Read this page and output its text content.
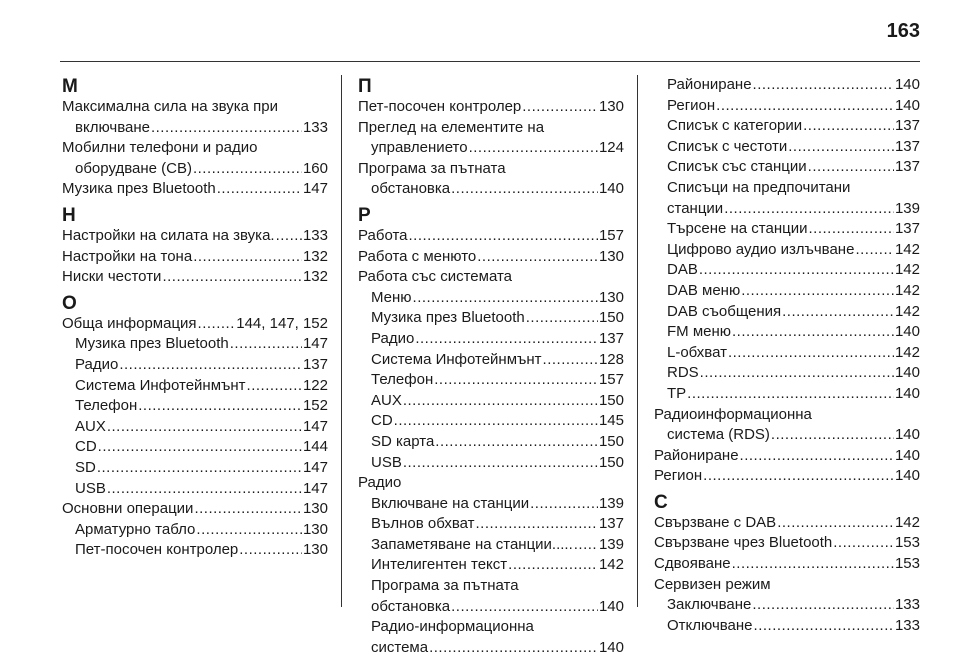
163
М
Максимална сила на звука при
включване .....	133
Мобилни телефони и радио
оборудване (CB) .....	160
Музика през Bluetooth .....	147
Н
Настройки на силата на звука. ..... 133
Настройки на тона .....	132
Ниски честоти .....	132
О
Обща информация .....	144, 147, 152
Музика през Bluetooth .....	147
Радио .....	137
Система Инфотейнмънт .....	122
Телефон .....	152
AUX .....	147
CD .....	144
SD .....	147
USB .....	147
Основни операции .....	130
Арматурно табло .....	130
Пет-посочен контролер .....	130
П
Пет-посочен контролер .....	130
Преглед на елементите на
управлението .....	124
Програма за пътната
обстановка .....	140
Р
Работа .....	157
Работа с менюто .....	130
Работа със системата
Меню .....	130
Музика през Bluetooth .....	150
Радио .....	137
Система Инфотейнмънт .....	128
Телефон .....	157
AUX .....	150
CD .....	145
SD карта .....	150
USB .....	150
Радио
Включване на станции .....	139
Вълнов обхват .....	137
Запаметяване на станции..... ..... 139
Интелигентен текст .....	142
Програма за пътната
обстановка .....	140
Радио-информационна
система .....	140
Райониране .....	140
Регион .....	140
Списък с категории .....	137
Списък с честоти .....	137
Списък със станции .....	137
Списъци на предпочитани
станции .....	139
Търсене на станции .....	137
Цифрово аудио излъчване .....	142
DAB .....	142
DAB меню .....	142
DAB съобщения .....	142
FM меню .....	140
L-обхват .....	142
RDS .....	140
TP .....	140
Радиоинформационна
система (RDS) .....	140
Райониране .....	140
Регион .....	140
С
Свързване с DAB .....	142
Свързване чрез Bluetooth .....	153
Сдвояване .....	153
Сервизен режим
Заключване .....	133
Отключване .....	133
